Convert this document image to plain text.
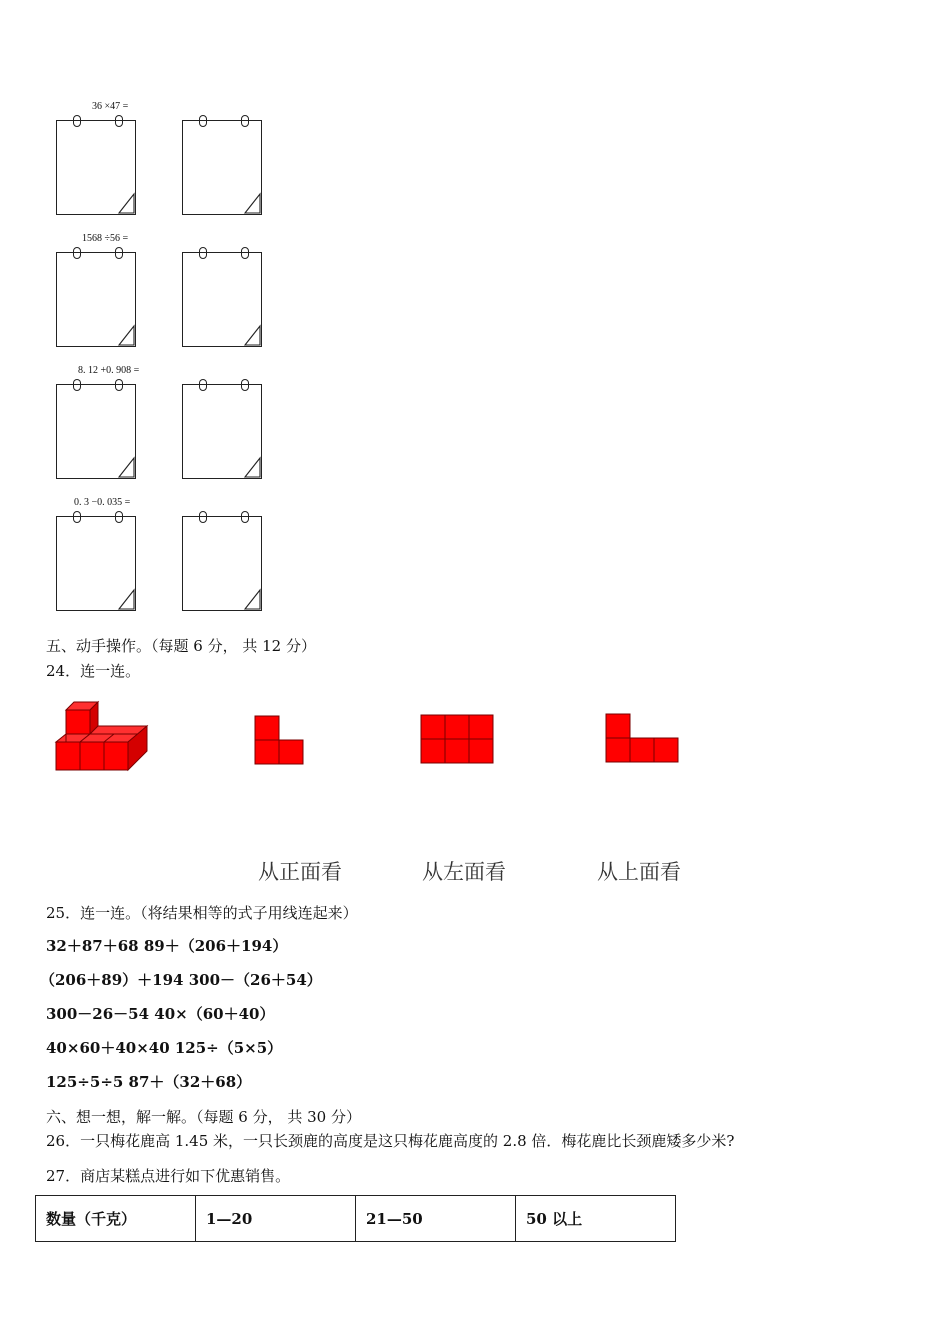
36 ×47 =
1568 ÷56 =
8. 12 +0. 908 =
0. 3 −0. 035 =
五、动手操作。（每题 6 分， 共 12 分）
24．连一连。
从正面看	从左面看	从上面看
25．连一连。（将结果相等的式子用线连起来）
32＋87＋68 89＋（206＋194）
（206＋89）＋194 300－（26＋54）
300－26－54 40×（60＋40）
40×60＋40×40 125÷（5×5）
125÷5÷5 87＋（32＋68）
六、想一想，解一解。（每题 6 分， 共 30 分）
26．一只梅花鹿高 1.45 米，一只长颈鹿的高度是这只梅花鹿高度的 2.8 倍．梅花鹿比长颈鹿矮多少米?
27．商店某糕点进行如下优惠销售。
数量（千克）	1—20	21—50	50 以上
